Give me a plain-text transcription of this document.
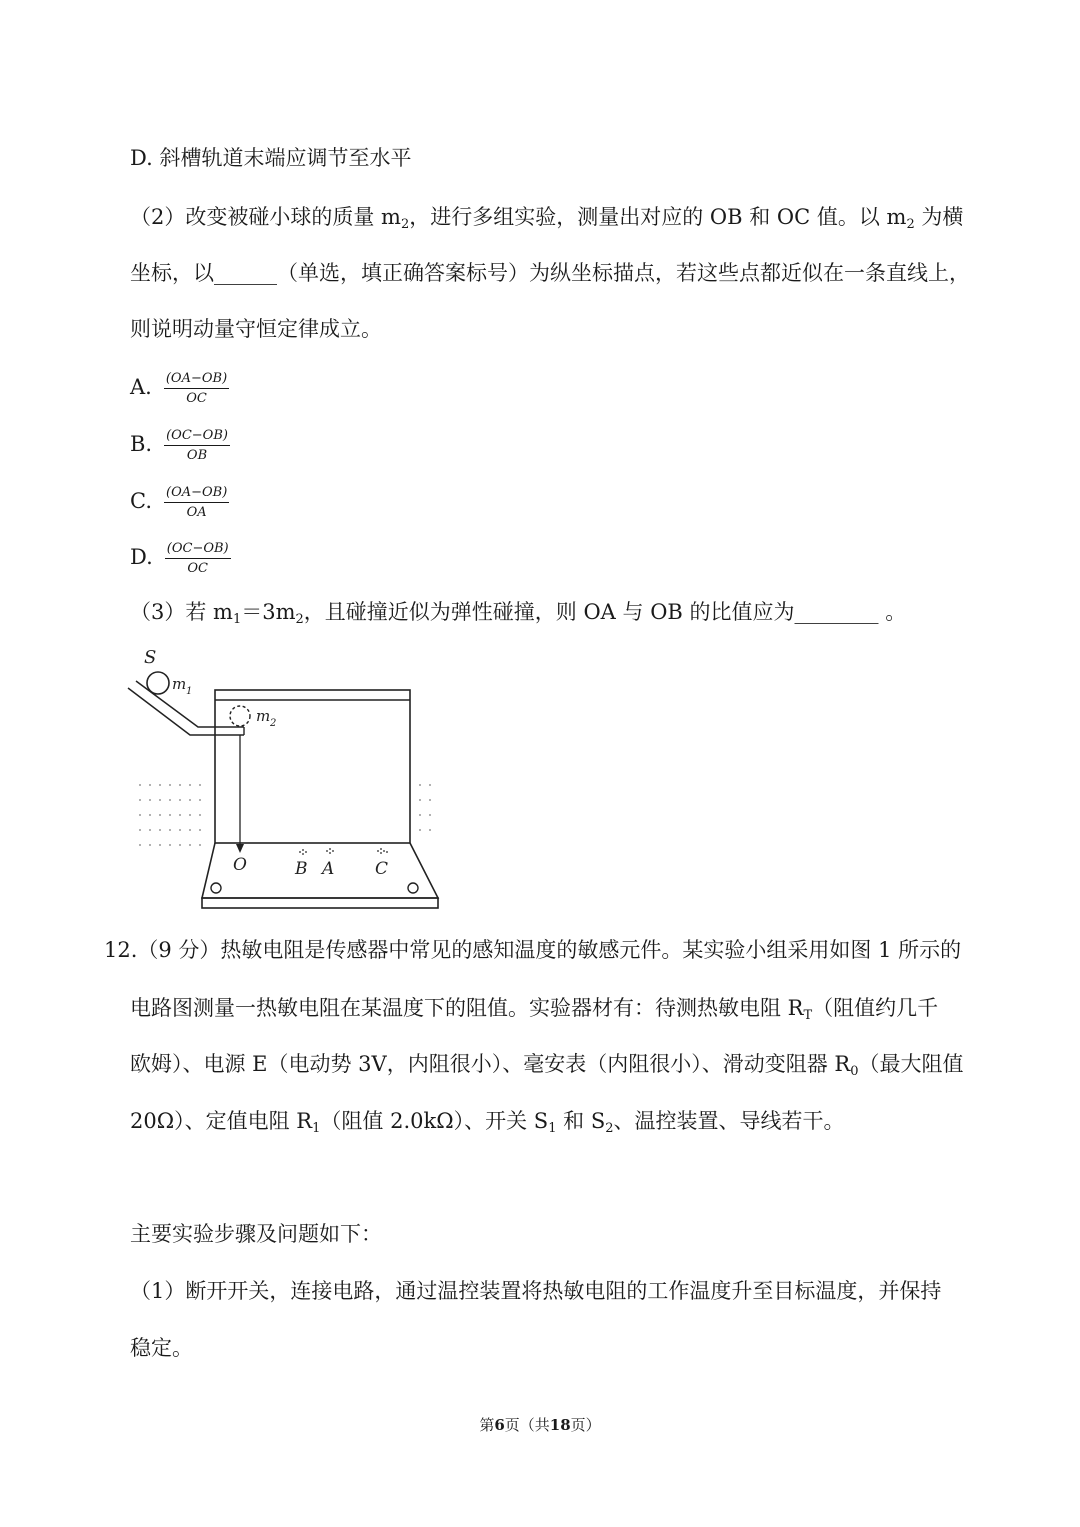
D. 斜槽轨道末端应调节至水平
（2）改变被碰小球的质量 $m_2$，进行多组实验，测量出对应的 OB 和 OC 值。以 $m_2$ 为横
坐标，以______（单选，填正确答案标号）为纵坐标描点，若这些点都近似在一条直线上，
则说明动量守恒定律成立。
A. $\frac{(OA-OB)}{OC}$
B. $\frac{(OC-OB)}{OB}$
C. $\frac{(OA-OB)}{OA}$
D. $\frac{(OC-OB)}{OC}$
（3）若 $m_1=3m_2$，且碰撞近似为弹性碰撞，则 OA 与 OB 的比值应为________ 。
S
m 1
m 2
O	B A C
12.（9 分）热敏电阻是传感器中常见的感知温度的敏感元件。某实验小组采用如图 1 所示的
电路图测量一热敏电阻在某温度下的阻值。实验器材有：待测热敏电阻 $R_T$（阻值约几千
欧姆）、电源 E（电动势 3V，内阻很小）、毫安表（内阻很小）、滑动变阻器 $R_0$（最大阻值
20Ω）、定值电阻 $R_1$（阻值 2.0kΩ）、开关 $S_1$ 和 $S_2$、温控装置、导线若干。
主要实验步骤及问题如下：
（1）断开开关，连接电路，通过温控装置将热敏电阻的工作温度升至目标温度，并保持
稳定。
第6页（共18页）
